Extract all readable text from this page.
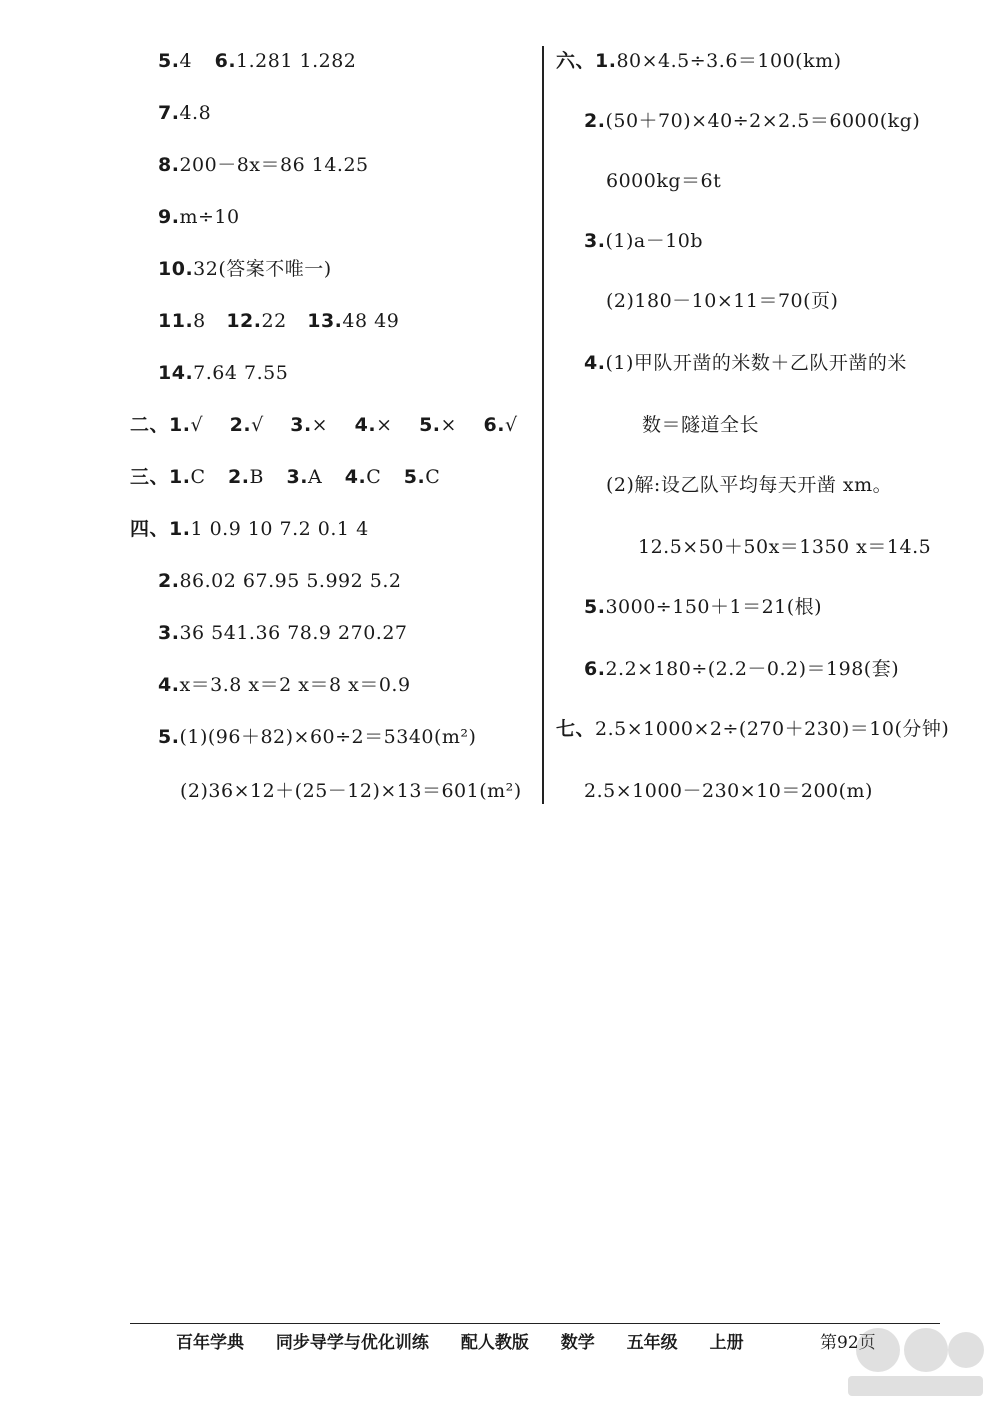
5.4 6.1.281 1.282
7.4.8
8.200－8x＝86 14.25
9.m÷10
10.32(答案不唯一)
11.8 12.22 13.48 49
14.7.64 7.55
二、1.√ 2.√ 3.× 4.× 5.× 6.√
三、1.C 2.B 3.A 4.C 5.C
四、1.1 0.9 10 7.2 0.1 4
2.86.02 67.95 5.992 5.2
3.36 541.36 78.9 270.27
4.x＝3.8 x＝2 x＝8 x＝0.9
5.(1)(96＋82)×60÷2＝5340(m²)
(2)36×12＋(25－12)×13＝601(m²)
六、1.80×4.5÷3.6＝100(km)
2.(50＋70)×40÷2×2.5＝6000(kg)
6000kg＝6t
3.(1)a－10b
(2)180－10×11＝70(页)
4.(1)甲队开凿的米数＋乙队开凿的米
数＝隧道全长
(2)解:设乙队平均每天开凿 xm。
12.5×50＋50x＝1350 x＝14.5
5.3000÷150＋1＝21(根)
6.2.2×180÷(2.2－0.2)＝198(套)
七、2.5×1000×2÷(270＋230)＝10(分钟)
2.5×1000－230×10＝200(m)
百年学典 同步导学与优化训练 配人教版 数学 五年级 上册	第92页
